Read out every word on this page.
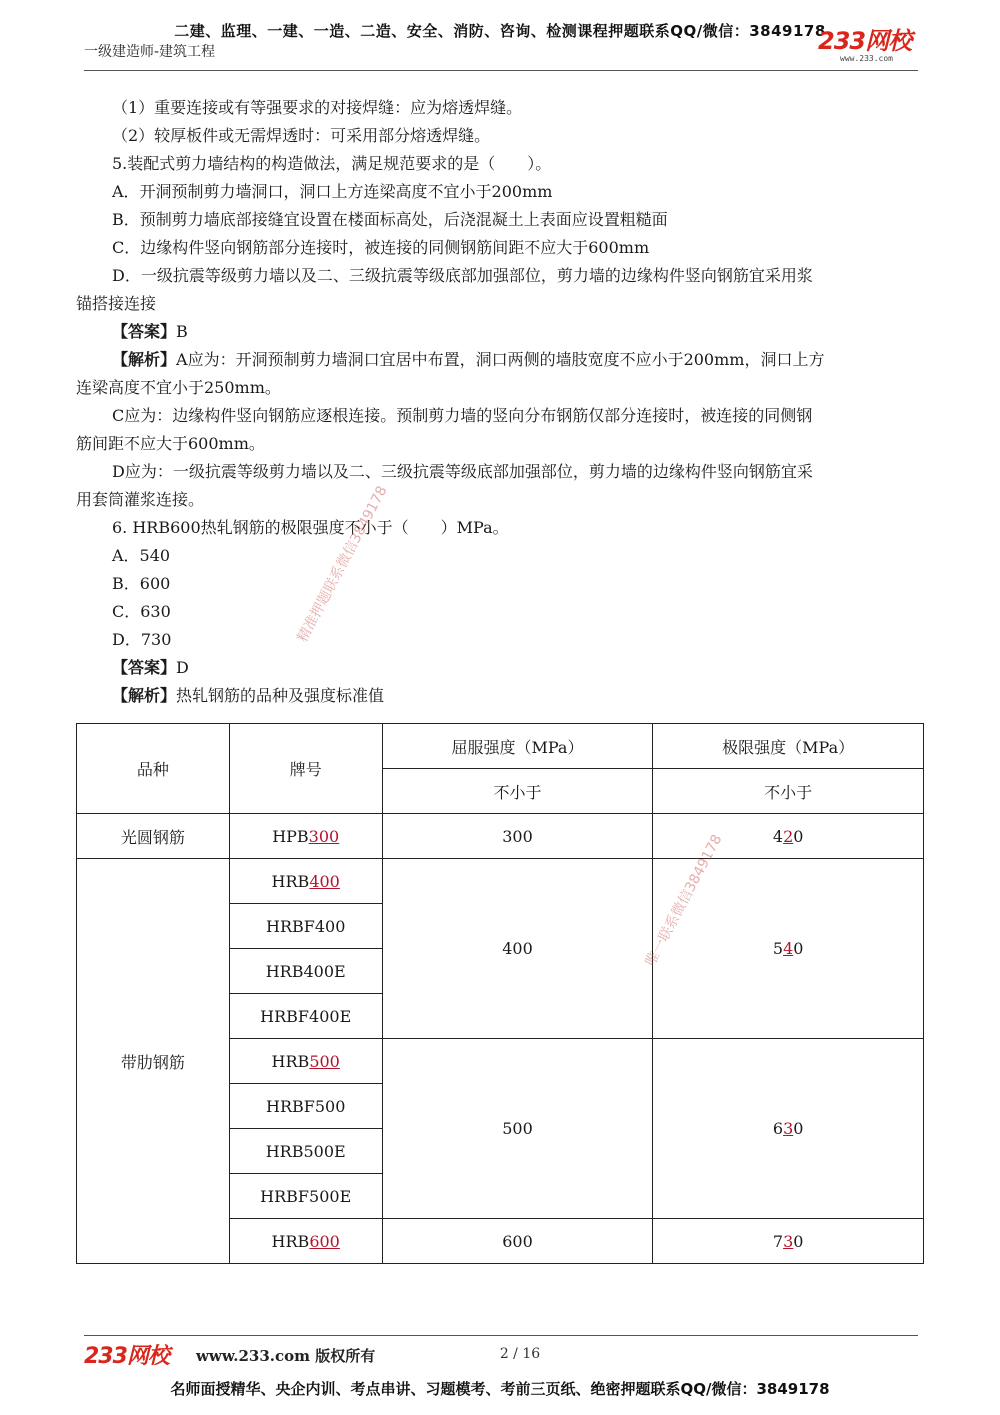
二建、监理、一建、一造、二造、安全、消防、咨询、检测课程押题联系QQ/微信：3849178
一级建造师-建筑工程	233网校
www.233.com

（1）重要连接或有等强要求的对接焊缝：应为熔透焊缝。

（2）较厚板件或无需焊透时：可采用部分熔透焊缝。

5.装配式剪力墙结构的构造做法，满足规范要求的是（　　）。

A．开洞预制剪力墙洞口，洞口上方连梁高度不宜小于200mm

B．预制剪力墙底部接缝宜设置在楼面标高处，后浇混凝土上表面应设置粗糙面

C．边缘构件竖向钢筋部分连接时，被连接的同侧钢筋间距不应大于600mm

D．一级抗震等级剪力墙以及二、三级抗震等级底部加强部位，剪力墙的边缘构件竖向钢筋宜采用浆

锚搭接连接

【答案】B

【解析】A应为：开洞预制剪力墙洞口宜居中布置，洞口两侧的墙肢宽度不应小于200mm，洞口上方

连梁高度不宜小于250mm。

C应为：边缘构件竖向钢筋应逐根连接。预制剪力墙的竖向分布钢筋仅部分连接时，被连接的同侧钢

筋间距不应大于600mm。

D应为：一级抗震等级剪力墙以及二、三级抗震等级底部加强部位，剪力墙的边缘构件竖向钢筋宜采

用套筒灌浆连接。

6. HRB600热轧钢筋的极限强度不小于（　　）MPa。

A．540

B．600

C．630

D．730

【答案】D

【解析】热轧钢筋的品种及强度标准值

精准押题联系微信3849178
品种	牌号	屈服强度（MPa）	极限强度（MPa）
		不小于	不小于
光圆钢筋	HPB300	300	420
带肋钢筋	HRB400	400	540
	HRBF400		
	HRB400E		
	HRBF400E		
	HRB500	500	630
	HRBF500		
	HRB500E		
	HRBF500E		
	HRB600	600	730
唯一联系微信3849178
233网校 www.233.com 版权所有	2 / 16
名师面授精华、央企内训、考点串讲、习题模考、考前三页纸、绝密押题联系QQ/微信：3849178
